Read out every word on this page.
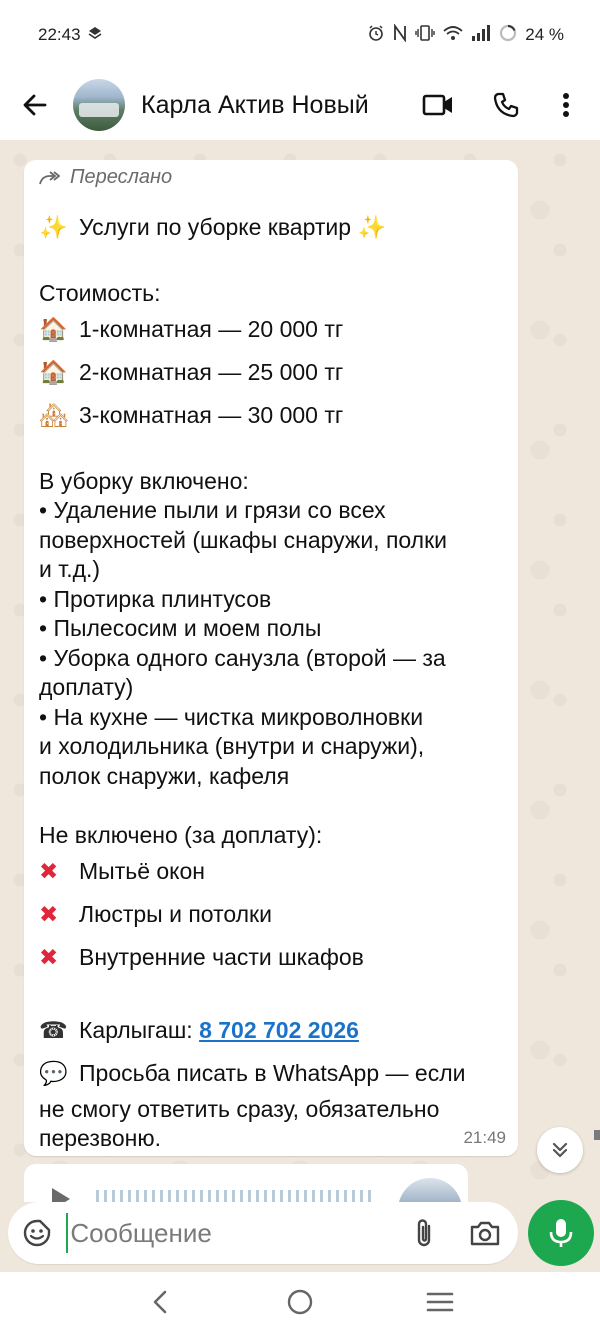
22:43	24 %
Карла Актив Новый
Переслано
✨ Услуги по уборке квартир ✨
Стоимость:
🏠 1-комнатная — 20 000 тг
🏠 2-комнатная — 25 000 тг
🏘 3-комнатная — 30 000 тг
В уборку включено:
• Удаление пыли и грязи со всех
поверхностей (шкафы снаружи, полки
и т.д.)
• Протирка плинтусов
• Пылесосим и моем полы
• Уборка одного санузла (второй — за
доплату)
• На кухне — чистка микроволновки
и холодильника (внутри и снаружи),
полок снаружи, кафеля
Не включено (за доплату):
✖ Мытьё окон
✖ Люстры и потолки
✖ Внутренние части шкафов
☎ Карлыгаш: 8 702 702 2026
💬 Просьба писать в WhatsApp — если
не смогу ответить сразу, обязательно
перезвоню.	21:49
Сообщение
